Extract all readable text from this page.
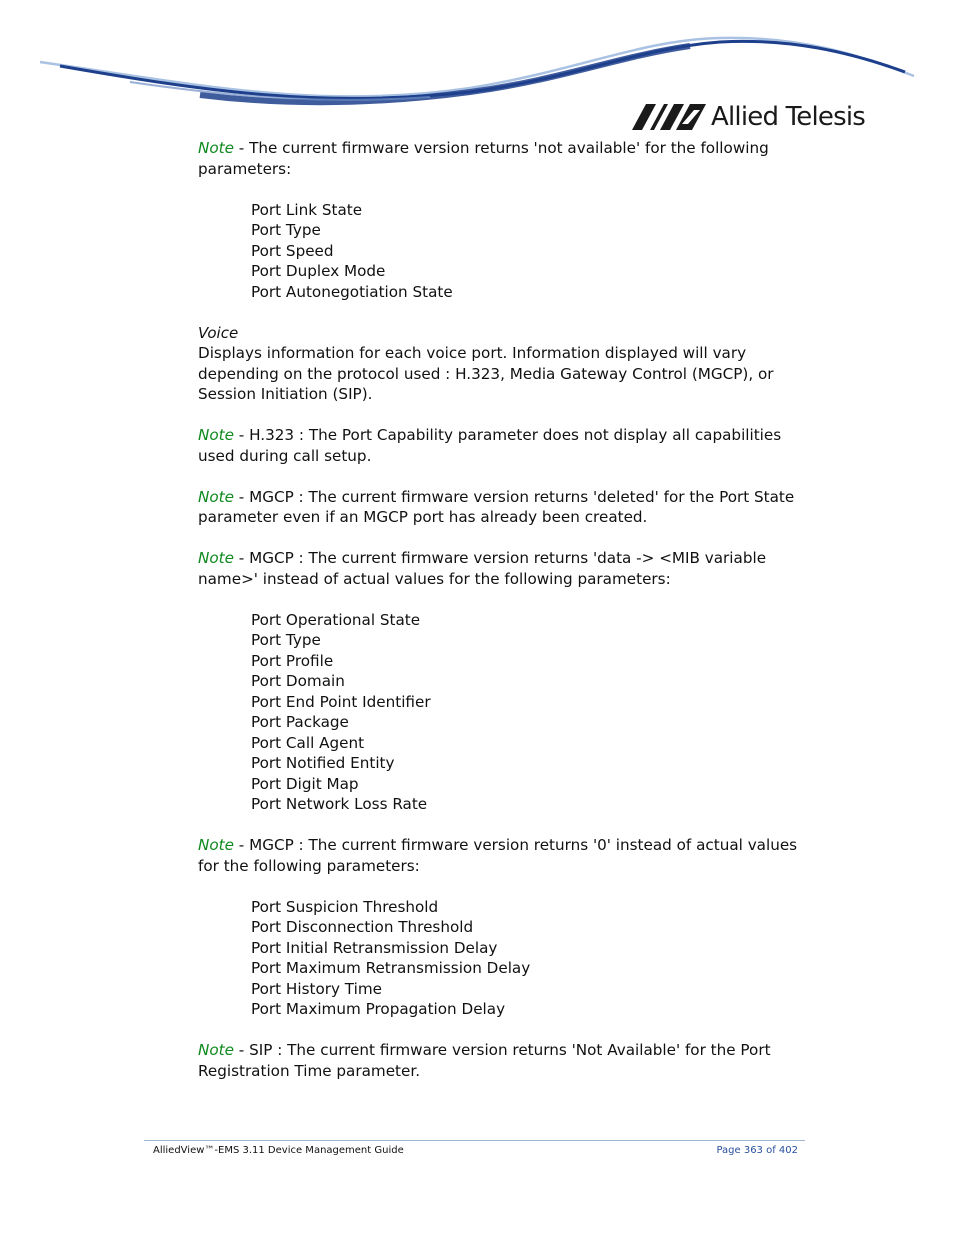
Allied Telesis

Note - The current firmware version returns 'not available' for the following parameters:

Port Link State
Port Type
Port Speed
Port Duplex Mode
Port Autonegotiation State

Voice

Displays information for each voice port. Information displayed will vary depending on the protocol used : H.323, Media Gateway Control (MGCP), or Session Initiation (SIP).

Note - H.323 : The Port Capability parameter does not display all capabilities used during call setup.

Note - MGCP : The current firmware version returns 'deleted' for the Port State parameter even if an MGCP port has already been created.

Note - MGCP : The current firmware version returns 'data -> <MIB variable name>' instead of actual values for the following parameters:

Port Operational State
Port Type
Port Profile
Port Domain
Port End Point Identifier
Port Package
Port Call Agent
Port Notified Entity
Port Digit Map
Port Network Loss Rate

Note - MGCP : The current firmware version returns '0' instead of actual values for the following parameters:

Port Suspicion Threshold
Port Disconnection Threshold
Port Initial Retransmission Delay
Port Maximum Retransmission Delay
Port History Time
Port Maximum Propagation Delay

Note - SIP : The current firmware version returns 'Not Available' for the Port Registration Time parameter.

AlliedView™-EMS 3.11 Device Management Guide	Page 363 of 402
